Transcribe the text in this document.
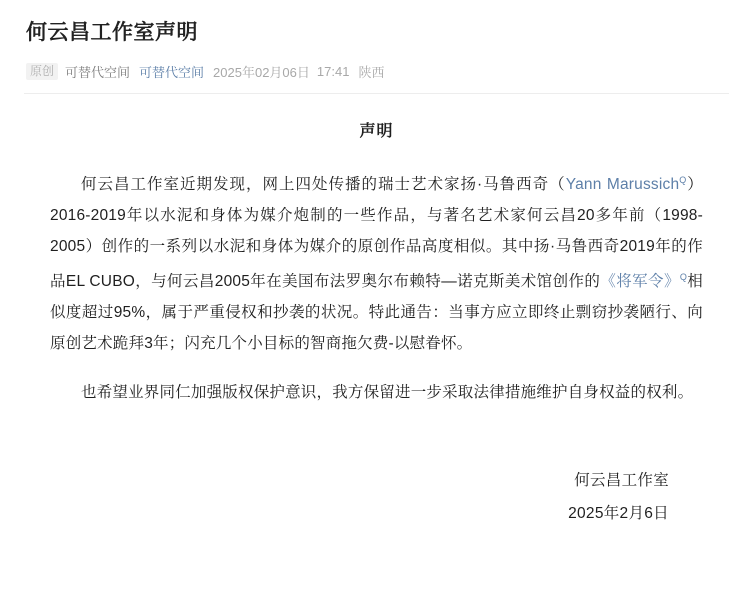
何云昌工作室声明
原创 可替代空间 可替代空间 2025年02月06日 17:41 陕西
声明

何云昌工作室近期发现，网上四处传播的瑞士艺术家扬·马鲁西奇（Yann Marussich$^Q$）2016-2019年以水泥和身体为媒介炮制的一些作品，与著名艺术家何云昌20多年前（1998-2005）创作的一系列以水泥和身体为媒介的原创作品高度相似。其中扬·马鲁西奇2019年的作品EL CUBO，与何云昌2005年在美国布法罗奥尔布赖特—诺克斯美术馆创作的《将军令》$^Q$相似度超过95%，属于严重侵权和抄袭的状况。特此通告：当事方应立即终止剽窃抄袭陋行、向原创艺术跪拜3年；闪充几个小目标的智商拖欠费-以慰眷怀。

也希望业界同仁加强版权保护意识，我方保留进一步采取法律措施维护自身权益的权利。

何云昌工作室
2025年2月6日
